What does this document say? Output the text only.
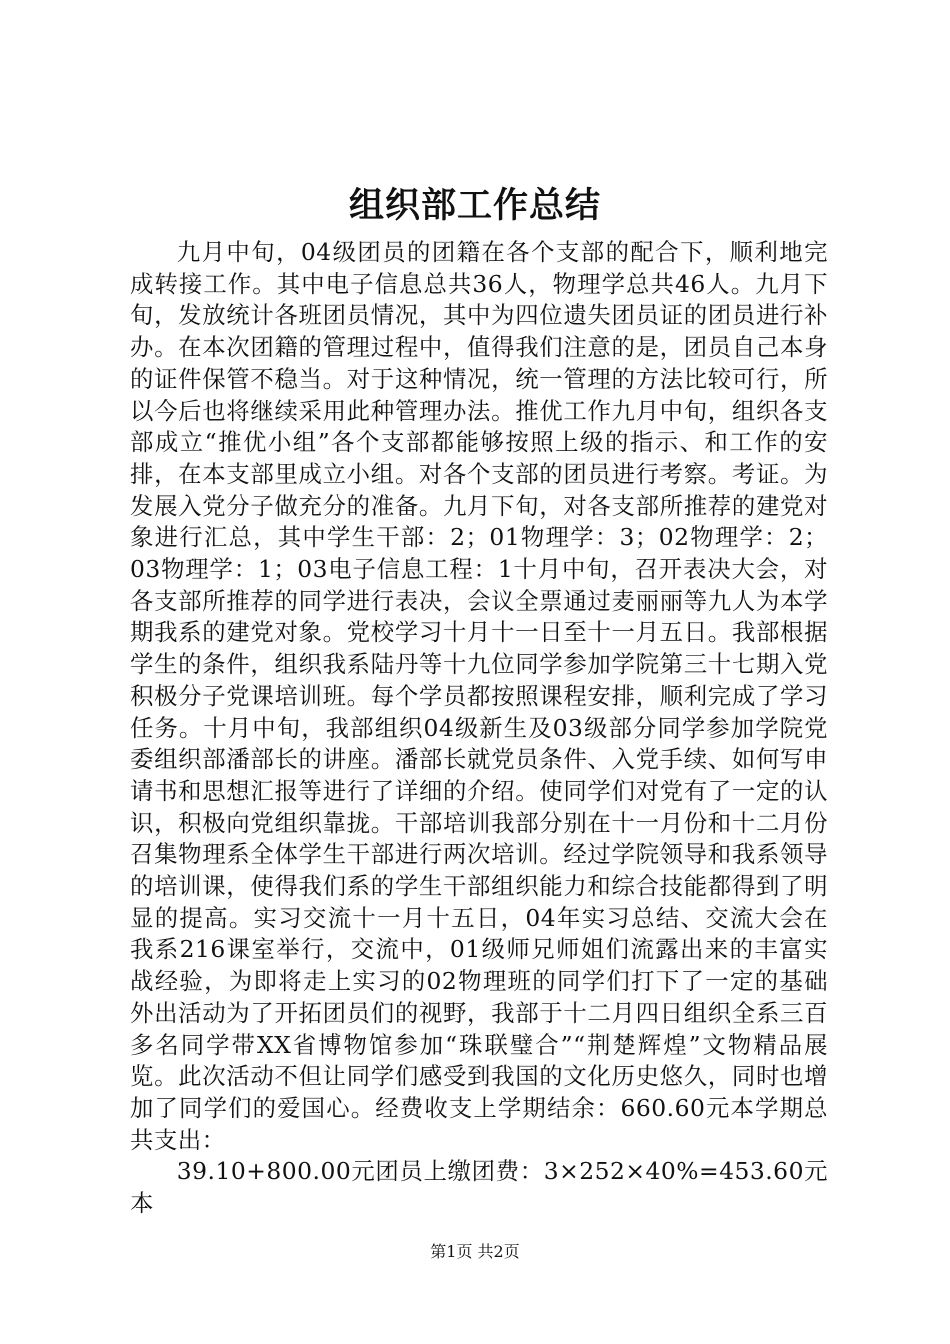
组织部工作总结

九月中旬，04级团员的团籍在各个支部的配合下，顺利地完成转接工作。其中电子信息总共36人，物理学总共46人。九月下旬，发放统计各班团员情况，其中为四位遗失团员证的团员进行补办。在本次团籍的管理过程中，值得我们注意的是，团员自己本身的证件保管不稳当。对于这种情况，统一管理的方法比较可行，所以今后也将继续采用此种管理办法。推优工作九月中旬，组织各支部成立“推优小组”各个支部都能够按照上级的指示、和工作的安排，在本支部里成立小组。对各个支部的团员进行考察。考证。为发展入党分子做充分的准备。九月下旬，对各支部所推荐的建党对象进行汇总，其中学生干部：2；01物理学：3；02物理学：2；03物理学：1；03电子信息工程：1十月中旬，召开表决大会，对各支部所推荐的同学进行表决，会议全票通过麦丽丽等九人为本学期我系的建党对象。党校学习十月十一日至十一月五日。我部根据学生的条件，组织我系陆丹等十九位同学参加学院第三十七期入党积极分子党课培训班。每个学员都按照课程安排，顺利完成了学习任务。十月中旬，我部组织04级新生及03级部分同学参加学院党委组织部潘部长的讲座。潘部长就党员条件、入党手续、如何写申请书和思想汇报等进行了详细的介绍。使同学们对党有了一定的认识，积极向党组织靠拢。干部培训我部分别在十一月份和十二月份召集物理系全体学生干部进行两次培训。经过学院领导和我系领导的培训课，使得我们系的学生干部组织能力和综合技能都得到了明显的提高。实习交流十一月十五日，04年实习总结、交流大会在我系216课室举行，交流中，01级师兄师姐们流露出来的丰富实战经验，为即将走上实习的02物理班的同学们打下了一定的基础外出活动为了开拓团员们的视野，我部于十二月四日组织全系三百多名同学带XX省博物馆参加“珠联璧合”“荆楚辉煌”文物精品展览。此次活动不但让同学们感受到我国的文化历史悠久，同时也增加了同学们的爱国心。经费收支上学期结余：660.60元本学期总共支出：

39.10+800.00元团员上缴团费：3×252×40%=453.60元本

第1页 共2页
